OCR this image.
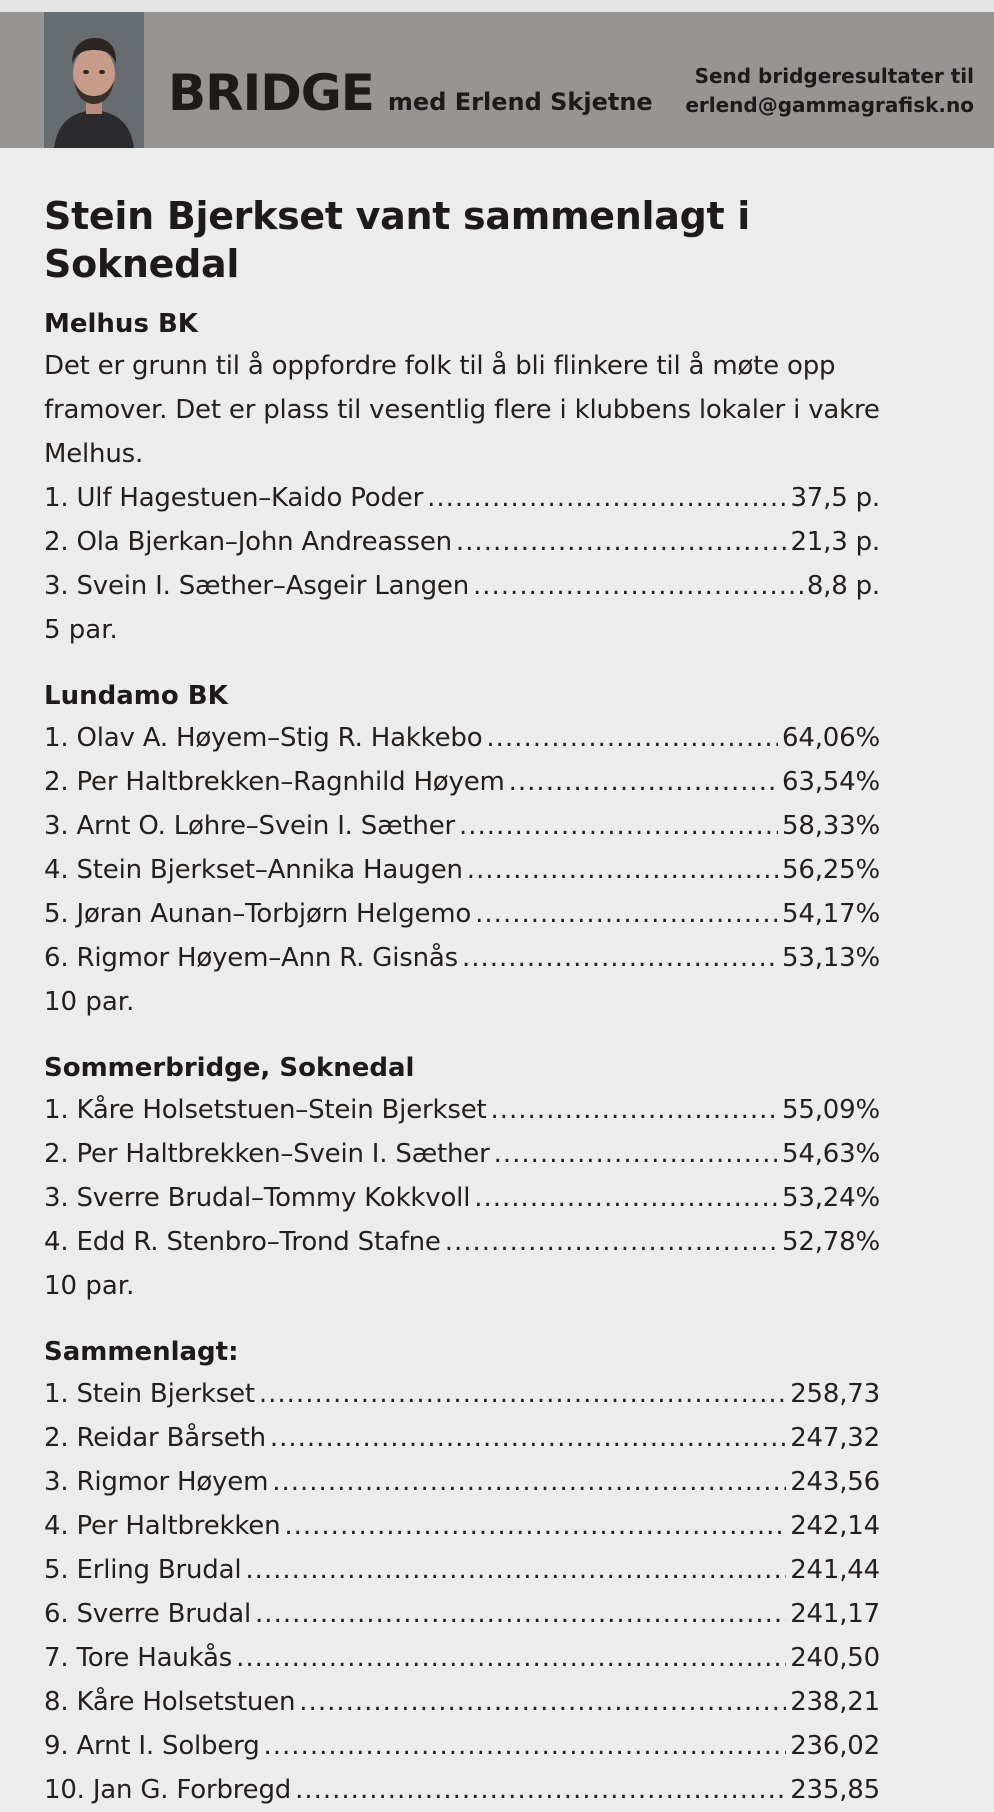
BRIDGE med Erlend Skjetne
Send bridgeresultater til
erlend@gammagrafisk.no
Stein Bjerkset vant sammenlagt i Soknedal
Melhus BK

Det er grunn til å oppfordre folk til å bli flinkere til å møte opp framover. Det er plass til vesentlig flere i klubbens lokaler i vakre Melhus.

1. Ulf Hagestuen–Kaido Poder .....	37,5 p.
2. Ola Bjerkan–John Andreassen .....	21,3 p.
3. Svein I. Sæther–Asgeir Langen .....	8,8 p.
5 par.
Lundamo BK
1. Olav A. Høyem–Stig R. Hakkebo .....	64,06%
2. Per Haltbrekken–Ragnhild Høyem .....	63,54%
3. Arnt O. Løhre–Svein I. Sæther .....	58,33%
4. Stein Bjerkset–Annika Haugen .....	56,25%
5. Jøran Aunan–Torbjørn Helgemo .....	54,17%
6. Rigmor Høyem–Ann R. Gisnås .....	53,13%
10 par.
Sommerbridge, Soknedal
1. Kåre Holsetstuen–Stein Bjerkset .....	55,09%
2. Per Haltbrekken–Svein I. Sæther .....	54,63%
3. Sverre Brudal–Tommy Kokkvoll .....	53,24%
4. Edd R. Stenbro–Trond Stafne .....	52,78%
10 par.
Sammenlagt:
1. Stein Bjerkset .....	258,73
2. Reidar Bårseth .....	247,32
3. Rigmor Høyem .....	243,56
4. Per Haltbrekken .....	242,14
5. Erling Brudal .....	241,44
6. Sverre Brudal .....	241,17
7. Tore Haukås .....	240,50
8. Kåre Holsetstuen .....	238,21
9. Arnt I. Solberg .....	236,02
10. Jan G. Forbregd .....	235,85
